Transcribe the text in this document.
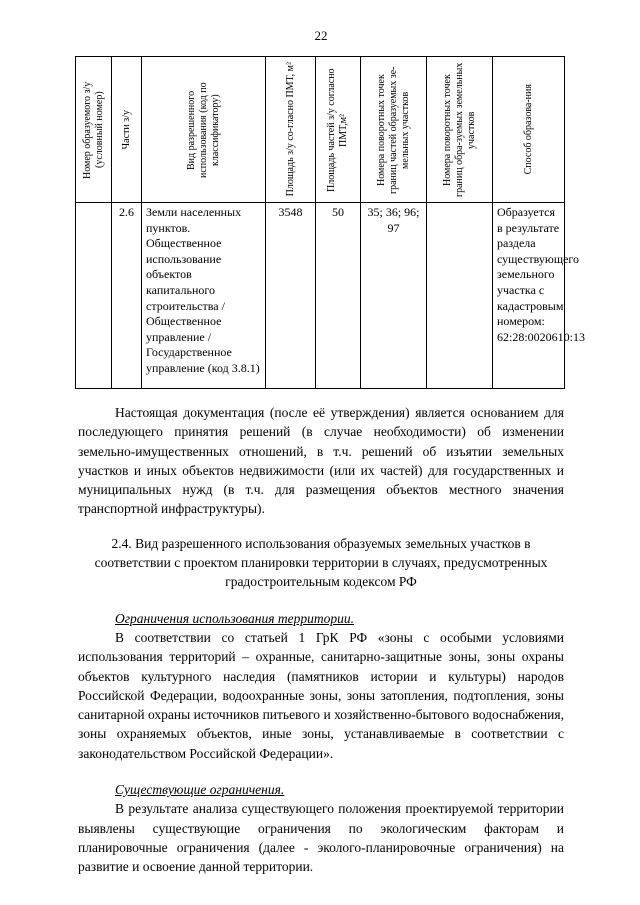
22
Номер образуемого з/у (условный номер)	Части з/у	Вид разрешенного использования (код по классификатору)	Площадь з/у со-гласно ПМТ, м²	Площадь частей з/у согласно ПМТ,м²	Номера поворотных точек границ частей образуемых зе-мельных участков	Номера поворотных точек границ обра-зуемых земельных участков	Способ образова-ния
	2.6	Земли населенных пунктов. Общественное использование объектов капитального строительства / Общественное управление / Государственное управление (код 3.8.1)	3548	50	35; 36; 96; 97		Образуется в результате раздела существующего земельного участка с кадастровым номером: 62:28:0020610:13

Настоящая документация (после её утверждения) является основанием для последующего принятия решений (в случае необходимости) об изменении земельно-имущественных отношений, в т.ч. решений об изъятии земельных участков и иных объектов недвижимости (или их частей) для государственных и муниципальных нужд (в т.ч. для размещения объектов местного значения транспортной инфраструктуры).

2.4. Вид разрешенного использования образуемых земельных участков в соответствии с проектом планировки территории в случаях, предусмотренных градостроительным кодексом РФ

Ограничения использования территории.

В соответствии со статьей 1 ГрК РФ «зоны с особыми условиями использования территорий – охранные, санитарно-защитные зоны, зоны охраны объектов культурного наследия (памятников истории и культуры) народов Российской Федерации, водоохранные зоны, зоны затопления, подтопления, зоны санитарной охраны источников питьевого и хозяйственно-бытового водоснабжения, зоны охраняемых объектов, иные зоны, устанавливаемые в соответствии с законодательством Российской Федерации».

Существующие ограничения.

В результате анализа существующего положения проектируемой территории выявлены существующие ограничения по экологическим факторам и планировочные ограничения (далее - эколого-планировочные ограничения) на развитие и освоение данной территории.
